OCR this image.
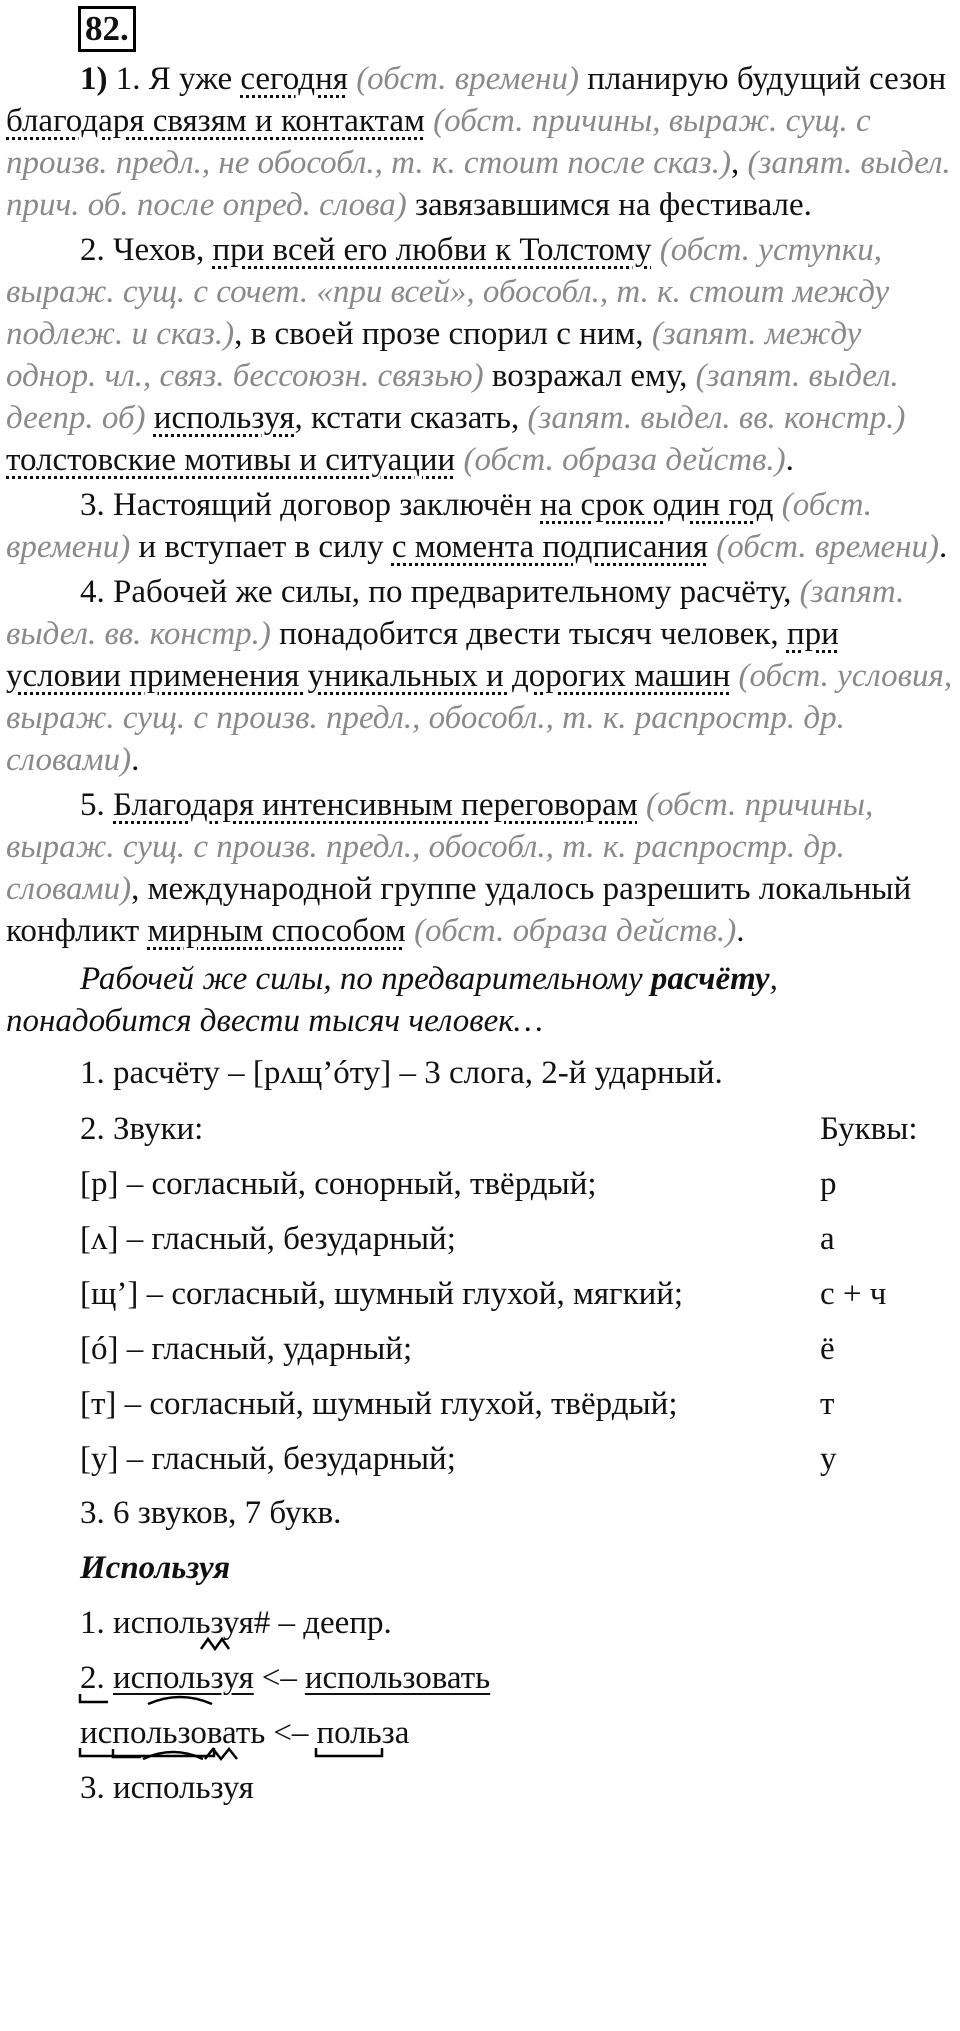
82.

1) 1. Я уже сегодня (обст. времени) планирую будущий сезон благодаря связям и контактам (обст. причины, выраж. сущ. с произв. предл., не обособл., т. к. стоит после сказ.), (запят. выдел. прич. об. после опред. слова) завязавшимся на фестивале.

2. Чехов, при всей его любви к Толстому (обст. уступки, выраж. сущ. с сочет. «при всей», обособл., т. к. стоит между подлеж. и сказ.), в своей прозе спорил с ним, (запят. между однор. чл., связ. бессоюзн. связью) возражал ему, (запят. выдел. деепр. об) используя, кстати сказать, (запят. выдел. вв. констр.) толстовские мотивы и ситуации (обст. образа действ.).

3. Настоящий договор заключён на срок один год (обст. времени) и вступает в силу с момента подписания (обст. времени).

4. Рабочей же силы, по предварительному расчёту, (запят. выдел. вв. констр.) понадобится двести тысяч человек, при условии применения уникальных и дорогих машин (обст. условия, выраж. сущ. с произв. предл., обособл., т. к. распростр. др. словами).

5. Благодаря интенсивным переговорам (обст. причины, выраж. сущ. с произв. предл., обособл., т. к. распростр. др. словами), международной группе удалось разрешить локальный конфликт мирным способом (обст. образа действ.).

Рабочей же силы, по предварительному расчёту, понадобится двести тысяч человек…

1. расчёту – [рʌщ’óту] – 3 слога, 2-й ударный.
2. Звуки:	Буквы:
[р] – согласный, сонорный, твёрдый;	р
[ʌ] – гласный, безударный;	а
[щ’] – согласный, шумный глухой, мягкий;	с + ч
[ó] – гласный, ударный;	ё
[т] – согласный, шумный глухой, твёрдый;	т
[у] – гласный, безударный;	у
3. 6 звуков, 7 букв.
Используя
1. используя# – деепр.
2. используя <– использовать
использовать <– польза
3. используя
